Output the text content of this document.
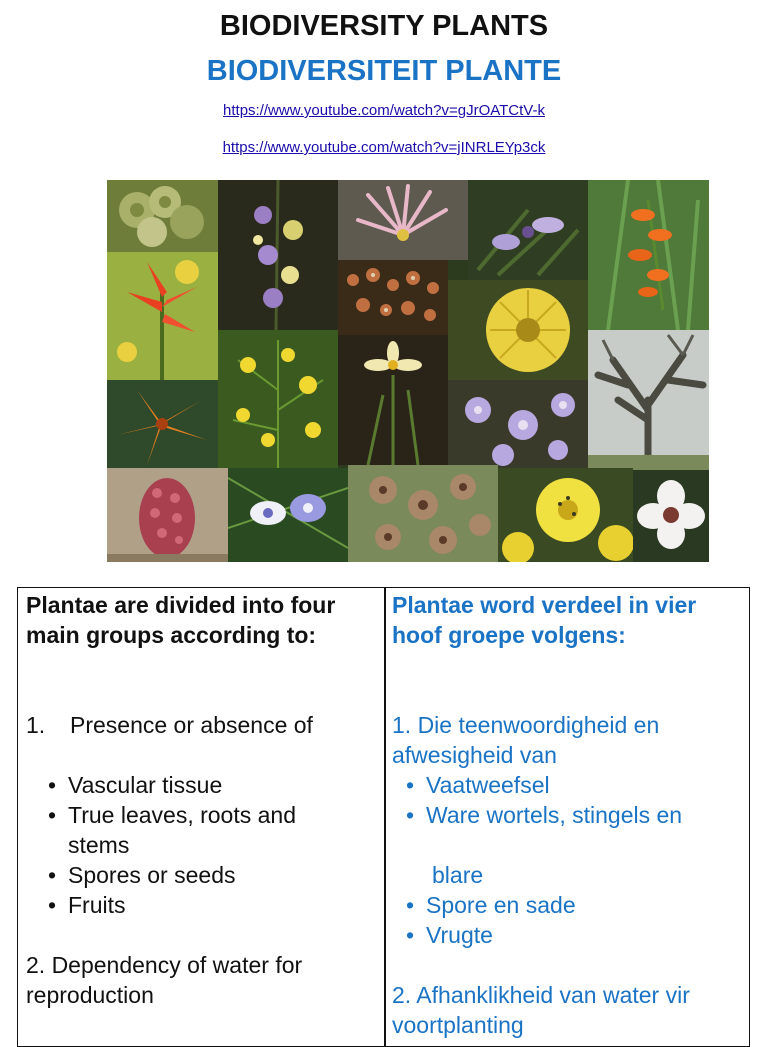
BIODIVERSITY PLANTS
BIODIVERSITEIT PLANTE
https://www.youtube.com/watch?v=gJrOATCtV-k
https://www.youtube.com/watch?v=jINRLEYp3ck

Plantae are divided into four main groups according to:

1. Presence or absence of
• Vascular tissue
• True leaves, roots and stems
• Spores or seeds
• Fruits
2. Dependency of water for reproduction

Plantae word verdeel in vier hoof groepe volgens:

1. Die teenwoordigheid en afwesigheid van
• Vaatweefsel
• Ware wortels, stingels en
blare
• Spore en sade
• Vrugte
2. Afhanklikheid van water vir voortplanting
